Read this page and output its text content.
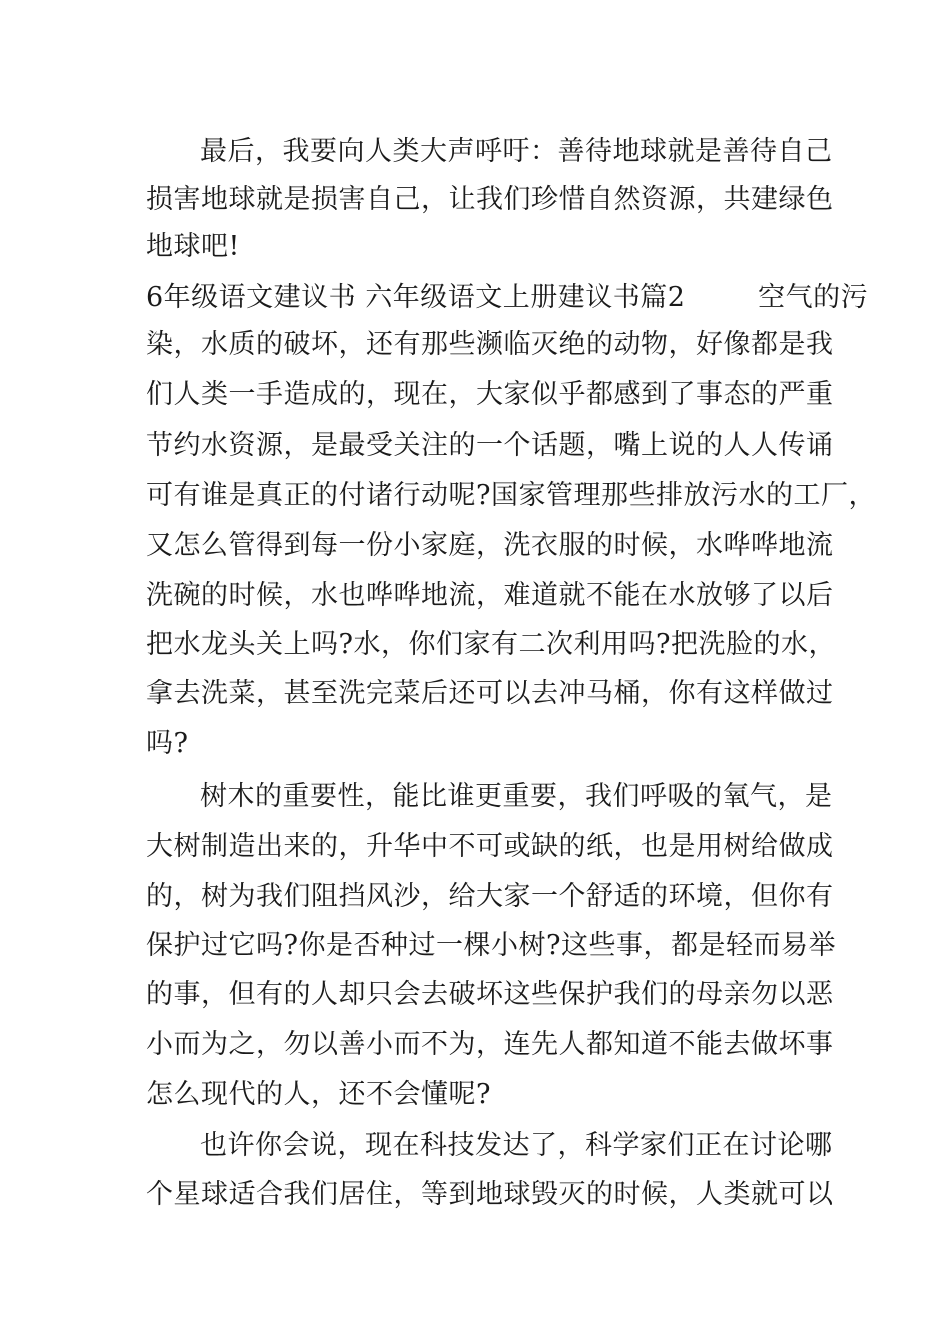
最后，我要向人类大声呼吁：善待地球就是善待自己
损害地球就是损害自己，让我们珍惜自然资源，共建绿色
地球吧!
6年级语文建议书 六年级语文上册建议书篇2        空气的污
染，水质的破坏，还有那些濒临灭绝的动物，好像都是我
们人类一手造成的，现在，大家似乎都感到了事态的严重
节约水资源，是最受关注的一个话题，嘴上说的人人传诵
可有谁是真正的付诸行动呢?国家管理那些排放污水的工厂，
又怎么管得到每一份小家庭，洗衣服的时候，水哗哗地流
洗碗的时候，水也哗哗地流，难道就不能在水放够了以后
把水龙头关上吗?水，你们家有二次利用吗?把洗脸的水，
拿去洗菜，甚至洗完菜后还可以去冲马桶，你有这样做过
吗?
树木的重要性，能比谁更重要，我们呼吸的氧气，是
大树制造出来的，升华中不可或缺的纸，也是用树给做成
的，树为我们阻挡风沙，给大家一个舒适的环境，但你有
保护过它吗?你是否种过一棵小树?这些事，都是轻而易举
的事，但有的人却只会去破坏这些保护我们的母亲勿以恶
小而为之，勿以善小而不为，连先人都知道不能去做坏事
怎么现代的人，还不会懂呢?
也许你会说，现在科技发达了，科学家们正在讨论哪
个星球适合我们居住，等到地球毁灭的时候，人类就可以
